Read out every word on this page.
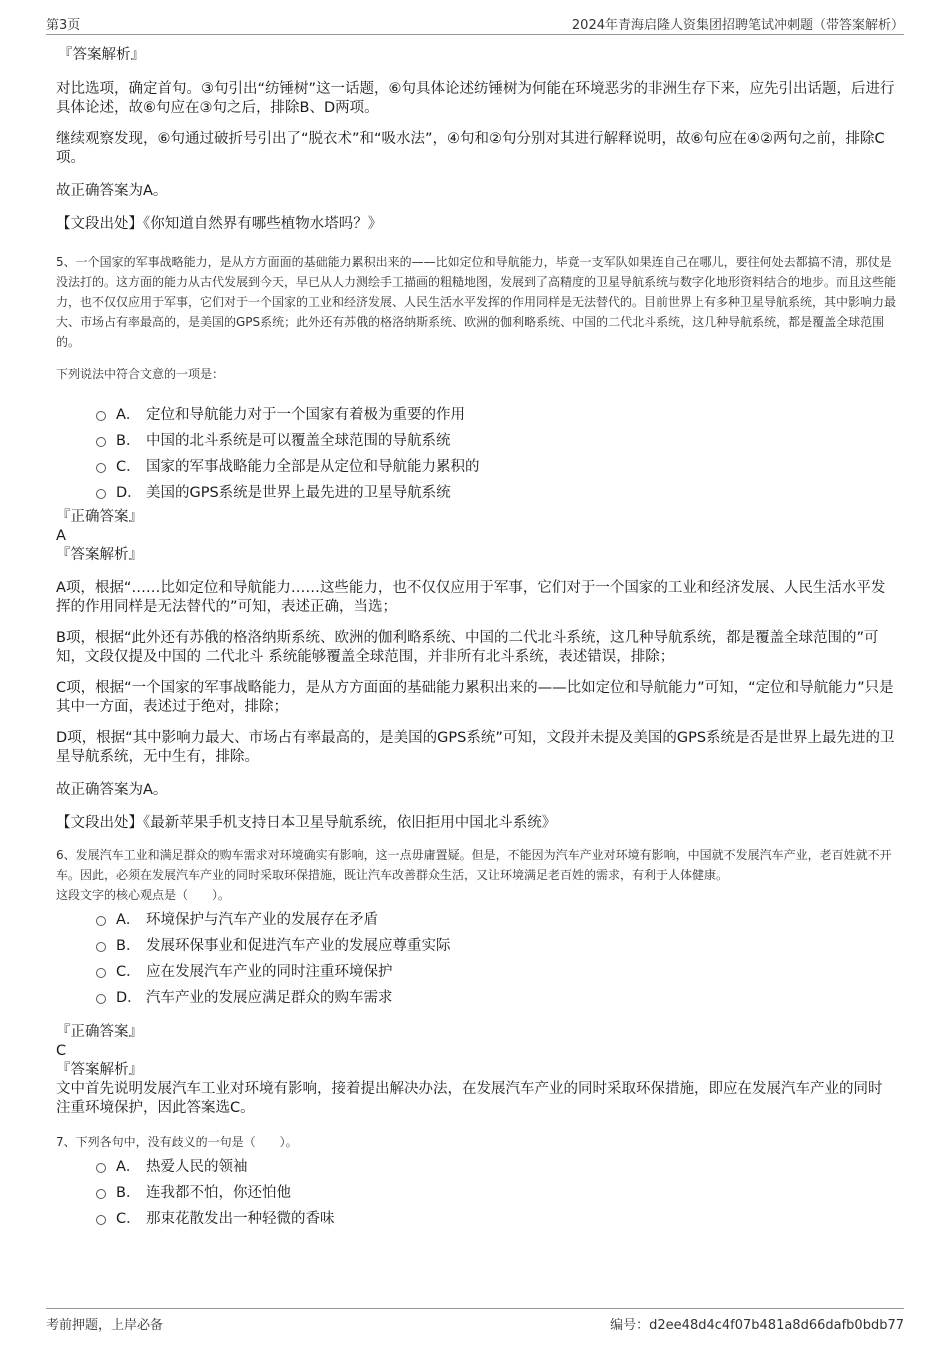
第3页	2024年青海启隆人资集团招聘笔试冲刺题（带答案解析）
『答案解析』
对比选项，确定首句。③句引出“纺锤树”这一话题，⑥句具体论述纺锤树为何能在环境恶劣的非洲生存下来，应先引出话题，后进行具体论述，故⑥句应在③句之后，排除B、D两项。
继续观察发现，⑥句通过破折号引出了“脱衣术”和“吸水法”，④句和②句分别对其进行解释说明，故⑥句应在④②两句之前，排除C项。
故正确答案为A。
【文段出处】《你知道自然界有哪些植物水塔吗？》
5、一个国家的军事战略能力，是从方方面面的基础能力累积出来的——比如定位和导航能力，毕竟一支军队如果连自己在哪儿，要往何处去都搞不清，那仗是没法打的。这方面的能力从古代发展到今天，早已从人力测绘手工描画的粗糙地图，发展到了高精度的卫星导航系统与数字化地形资料结合的地步。而且这些能力，也不仅仅应用于军事，它们对于一个国家的工业和经济发展、人民生活水平发挥的作用同样是无法替代的。目前世界上有多种卫星导航系统，其中影响力最大、市场占有率最高的，是美国的GPS系统；此外还有苏俄的格洛纳斯系统、欧洲的伽利略系统、中国的二代北斗系统，这几种导航系统，都是覆盖全球范围的。
下列说法中符合文意的一项是：
A． 定位和导航能力对于一个国家有着极为重要的作用
B． 中国的北斗系统是可以覆盖全球范围的导航系统
C． 国家的军事战略能力全部是从定位和导航能力累积的
D． 美国的GPS系统是世界上最先进的卫星导航系统
『正确答案』
A
『答案解析』
A项，根据“……比如定位和导航能力……这些能力，也不仅仅应用于军事，它们对于一个国家的工业和经济发展、人民生活水平发挥的作用同样是无法替代的”可知，表述正确，当选；
B项，根据“此外还有苏俄的格洛纳斯系统、欧洲的伽利略系统、中国的二代北斗系统，这几种导航系统，都是覆盖全球范围的”可知，文段仅提及中国的 二代北斗 系统能够覆盖全球范围，并非所有北斗系统，表述错误，排除；
C项，根据“一个国家的军事战略能力，是从方方面面的基础能力累积出来的——比如定位和导航能力”可知，“定位和导航能力”只是其中一方面，表述过于绝对，排除；
D项，根据“其中影响力最大、市场占有率最高的，是美国的GPS系统”可知，文段并未提及美国的GPS系统是否是世界上最先进的卫星导航系统，无中生有，排除。
故正确答案为A。
【文段出处】《最新苹果手机支持日本卫星导航系统，依旧拒用中国北斗系统》
6、发展汽车工业和满足群众的购车需求对环境确实有影响，这一点毋庸置疑。但是，不能因为汽车产业对环境有影响，中国就不发展汽车产业，老百姓就不开车。因此，必须在发展汽车产业的同时采取环保措施，既让汽车改善群众生活，又让环境满足老百姓的需求，有利于人体健康。
这段文字的核心观点是（　　）。
A． 环境保护与汽车产业的发展存在矛盾
B． 发展环保事业和促进汽车产业的发展应尊重实际
C． 应在发展汽车产业的同时注重环境保护
D． 汽车产业的发展应满足群众的购车需求
『正确答案』
C
『答案解析』
文中首先说明发展汽车工业对环境有影响，接着提出解决办法，在发展汽车产业的同时采取环保措施，即应在发展汽车产业的同时注重环境保护，因此答案选C。
7、下列各句中，没有歧义的一句是（　　）。
A． 热爱人民的领袖
B． 连我都不怕，你还怕他
C． 那束花散发出一种轻微的香味
考前押题，上岸必备	编号：d2ee48d4c4f07b481a8d66dafb0bdb77
